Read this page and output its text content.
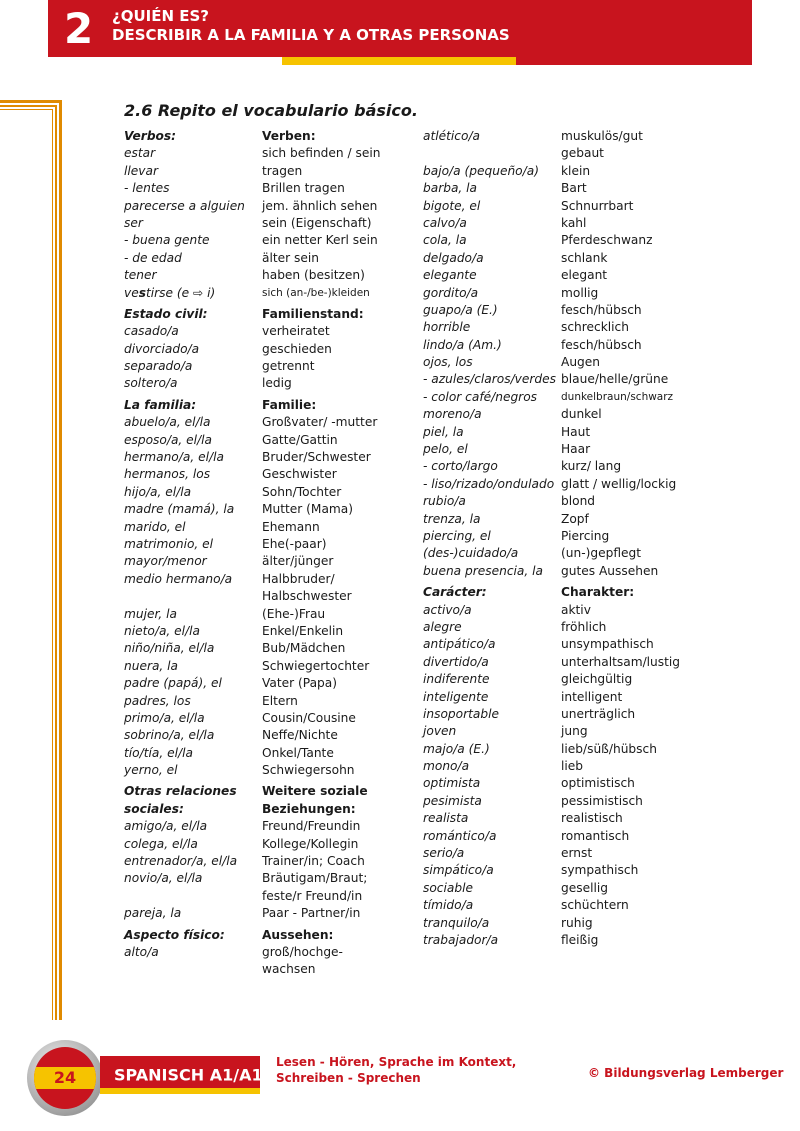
2 ¿QUIÉN ES?
DESCRIBIR A LA FAMILIA Y A OTRAS PERSONAS
2.6 Repito el vocabulario básico.
Verbos:
estar
llevar
- lentes
parecerse a alguien
ser
- buena gente
- de edad
tener
vestirse (e ⇨ i)
Estado civil:
casado/a
divorciado/a
separado/a
soltero/a
La familia:
abuelo/a, el/la
esposo/a, el/la
hermano/a, el/la
hermanos, los
hijo/a, el/la
madre (mamá), la
marido, el
matrimonio, el
mayor/menor
medio hermano/a
mujer, la
nieto/a, el/la
niño/niña, el/la
nuera, la
padre (papá), el
padres, los
primo/a, el/la
sobrino/a, el/la
tío/tía, el/la
yerno, el
Otras relaciones
sociales:
amigo/a, el/la
colega, el/la
entrenador/a, el/la
novio/a, el/la
pareja, la
Aspecto físico:
alto/a
Verben:
sich befinden / sein
tragen
Brillen tragen
jem. ähnlich sehen
sein (Eigenschaft)
ein netter Kerl sein
älter sein
haben (besitzen)
sich (an-/be-)kleiden
Familienstand:
verheiratet
geschieden
getrennt
ledig
Familie:
Großvater/ -mutter
Gatte/Gattin
Bruder/Schwester
Geschwister
Sohn/Tochter
Mutter (Mama)
Ehemann
Ehe(-paar)
älter/jünger
Halbbruder/
Halbschwester
(Ehe-)Frau
Enkel/Enkelin
Bub/Mädchen
Schwiegertochter
Vater (Papa)
Eltern
Cousin/Cousine
Neffe/Nichte
Onkel/Tante
Schwiegersohn
Weitere soziale
Beziehungen:
Freund/Freundin
Kollege/Kollegin
Trainer/in; Coach
Bräutigam/Braut;
feste/r Freund/in
Paar - Partner/in
Aussehen:
groß/hochge-
wachsen
atlético/a
bajo/a (pequeño/a)
barba, la
bigote, el
calvo/a
cola, la
delgado/a
elegante
gordito/a
guapo/a (E.)
horrible
lindo/a (Am.)
ojos, los
- azules/claros/verdes
- color café/negros
moreno/a
piel, la
pelo, el
- corto/largo
- liso/rizado/ondulado
rubio/a
trenza, la
piercing, el
(des-)cuidado/a
buena presencia, la
Carácter:
activo/a
alegre
antipático/a
divertido/a
indiferente
inteligente
insoportable
joven
majo/a (E.)
mono/a
optimista
pesimista
realista
romántico/a
serio/a
simpático/a
sociable
tímido/a
tranquilo/a
trabajador/a
muskulös/gut
gebaut
klein
Bart
Schnurrbart
kahl
Pferdeschwanz
schlank
elegant
mollig
fesch/hübsch
schrecklich
fesch/hübsch
Augen
blaue/helle/grüne
dunkelbraun/schwarz
dunkel
Haut
Haar
kurz/ lang
glatt / wellig/lockig
blond
Zopf
Piercing
(un-)gepflegt
gutes Aussehen
Charakter:
aktiv
fröhlich
unsympathisch
unterhaltsam/lustig
gleichgültig
intelligent
unerträglich
jung
lieb/süß/hübsch
lieb
optimistisch
pessimistisch
realistisch
romantisch
ernst
sympathisch
gesellig
schüchtern
ruhig
fleißig
24	SPANISCH A1/A1+
Lesen - Hören, Sprache im Kontext,
Schreiben - Sprechen	© Bildungsverlag Lemberger
